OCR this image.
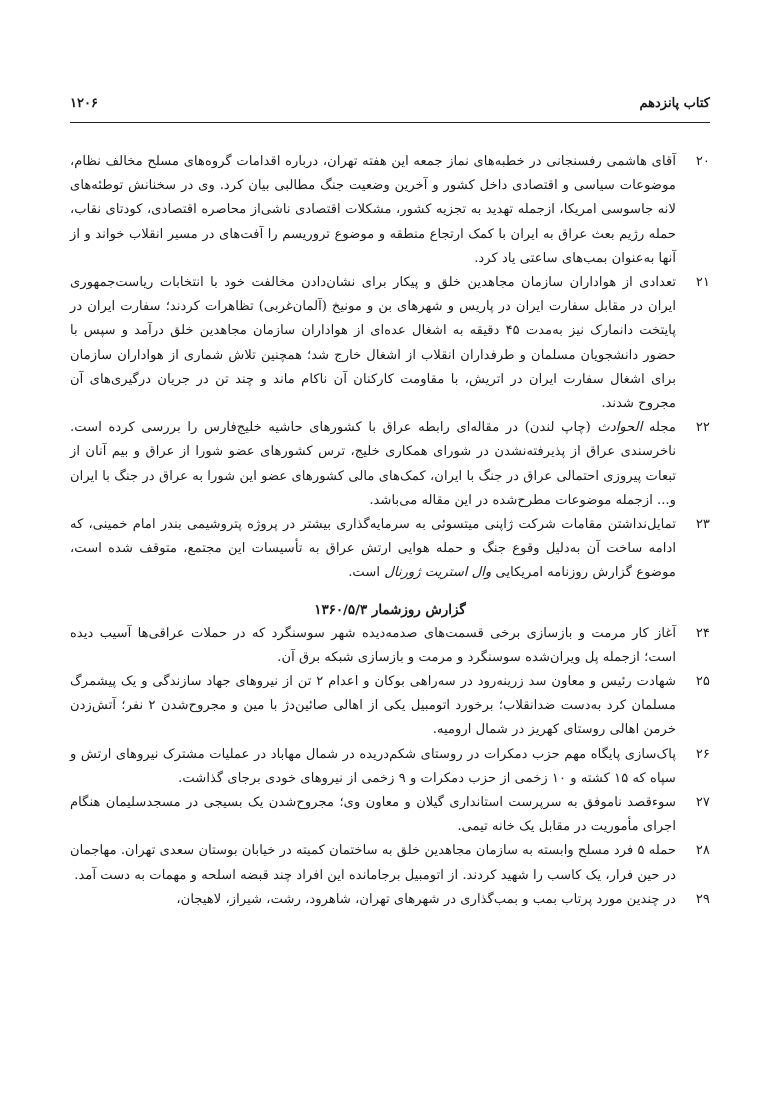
کتاب پانزدهم
۱۲۰۶
۲۰
آقای هاشمی رفسنجانی در خطبه‌های نماز جمعه این هفته تهران، درباره اقدامات گروه‌های مسلح مخالف نظام، موضوعات سیاسی و اقتصادی داخل کشور و آخرین وضعیت جنگ مطالبی بیان کرد. وی در سخنانش توطئه‌های لانه جاسوسی امریکا، ازجمله تهدید به تجزیه کشور، مشکلات اقتصادی ناشی‌از محاصره اقتصادی، کودتای نقاب، حمله رژیم بعث عراق به ایران با کمک ارتجاع منطقه و موضوع تروریسم را آفت‌های در مسیر انقلاب خواند و از آنها به‌عنوان بمب‌های ساعتی یاد کرد.
۲۱
تعدادی از هواداران سازمان مجاهدین خلق و پیکار برای نشان‌دادن مخالفت خود با انتخابات ریاست‌جمهوری ایران در مقابل سفارت ایران در پاریس و شهرهای بن و مونیخ (آلمان‌غربی) تظاهرات کردند؛ سفارت ایران در پایتخت دانمارک نیز به‌مدت ۴۵ دقیقه به اشغال عده‌ای از هواداران سازمان مجاهدین خلق درآمد و سپس با حضور دانشجویان مسلمان و طرفداران انقلاب از اشغال خارج شد؛ همچنین تلاش شماری از هواداران سازمان برای اشغال سفارت ایران در اتریش، با مقاومت کارکنان آن ناکام ماند و چند تن در جریان درگیری‌های آن مجروح شدند.
۲۲
مجله الحوادث (چاپ لندن) در مقاله‌ای رابطه عراق با کشورهای حاشیه خلیج‌فارس را بررسی کرده است. ناخرسندی عراق از پذیرفته‌نشدن در شورای همکاری خلیج، ترس کشورهای عضو شورا از عراق و بیم آنان از تبعات پیروزی احتمالی عراق در جنگ با ایران، کمک‌های مالی کشورهای عضو این شورا به عراق در جنگ با ایران و... ازجمله موضوعات مطرح‌شده در این مقاله می‌باشد.
۲۳
تمایل‌نداشتن مقامات شرکت ژاپنی میتسوئی به سرمایه‌گذاری بیشتر در پروژه پتروشیمی بندر امام خمینی، که ادامه ساخت آن به‌دلیل وقوع جنگ و حمله هوایی ارتش عراق به تأسیسات این مجتمع، متوقف شده است، موضوع گزارش روزنامه امریکایی وال استریت ژورنال است.
گزارش روزشمار ۱۳۶۰/۵/۳
۲۴
آغاز کار مرمت و بازسازی برخی قسمت‌های صدمه‌دیده شهر سوسنگرد که در حملات عراقی‌ها آسیب دیده است؛ ازجمله پل ویران‌شده سوسنگرد و مرمت و بازسازی شبکه برق آن.
۲۵
شهادت رئیس و معاون سد زرینه‌رود در سه‌راهی بوکان و اعدام ۲ تن از نیروهای جهاد سازندگی و یک پیشمرگ مسلمان کرد به‌دست ضدانقلاب؛ برخورد اتومبیل یکی از اهالی صائین‌دژ با مین و مجروح‌شدن ۲ نفر؛ آتش‌زدن خرمن اهالی روستای کهریز در شمال ارومیه.
۲۶
پاک‌سازی پایگاه مهم حزب دمکرات در روستای شکم‌دریده در شمال مهاباد در عملیات مشترک نیروهای ارتش و سپاه که ۱۵ کشته و ۱۰ زخمی از حزب دمکرات و ۹ زخمی از نیروهای خودی برجای گذاشت.
۲۷
سوءقصد ناموفق به سرپرست استانداری گیلان و معاون وی؛ مجروح‌شدن یک بسیجی در مسجدسلیمان هنگام اجرای مأموریت در مقابل یک خانه تیمی.
۲۸
حمله ۵ فرد مسلح وابسته به سازمان مجاهدین خلق به ساختمان کمیته در خیابان بوستان سعدی تهران. مهاجمان در حین فرار، یک کاسب را شهید کردند. از اتومبیل برجامانده این افراد چند قبضه اسلحه و مهمات به دست آمد.
۲۹
در چندین مورد پرتاب بمب و بمب‌گذاری در شهرهای تهران، شاهرود، رشت، شیراز، لاهیجان،
